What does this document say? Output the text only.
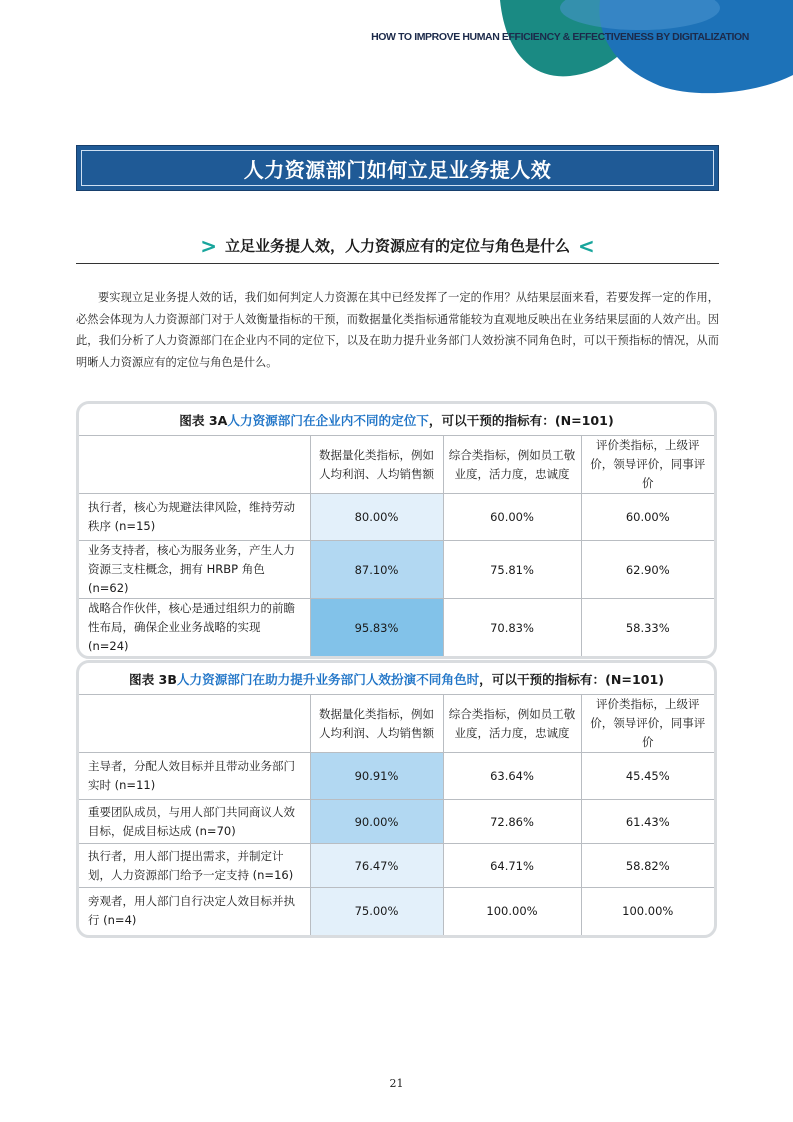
HOW TO IMPROVE HUMAN EFFICIENCY & EFFECTIVENESS BY DIGITALIZATION
人力资源部门如何立足业务提人效
> 立足业务提人效，人力资源应有的定位与角色是什么 <

要实现立足业务提人效的话，我们如何判定人力资源在其中已经发挥了一定的作用？从结果层面来看，若要发挥一定的作用，必然会体现为人力资源部门对于人效衡量指标的干预，而数据量化类指标通常能较为直观地反映出在业务结果层面的人效产出。因此，我们分析了人力资源部门在企业内不同的定位下，以及在助力提升业务部门人效扮演不同角色时，可以干预指标的情况，从而明晰人力资源应有的定位与角色是什么。

图表 3A 人力资源部门在企业内不同的定位下 ，可以干预的指标有：(N=101)
	数据量化类指标，例如人均利润、人均销售额	综合类指标，例如员工敬业度，活力度，忠诚度	评价类指标，上级评价，领导评价，同事评价
执行者，核心为规避法律风险，维持劳动秩序 (n=15)	80.00%	60.00%	60.00%
业务支持者，核心为服务业务，产生人力资源三支柱概念，拥有 HRBP 角色 (n=62)	87.10%	75.81%	62.90%
战略合作伙伴，核心是通过组织力的前瞻性布局，确保企业业务战略的实现 (n=24)	95.83%	70.83%	58.33%
图表 3B 人力资源部门在助力提升业务部门人效扮演不同角色时 ，可以干预的指标有：(N=101)
	数据量化类指标，例如人均利润、人均销售额	综合类指标，例如员工敬业度，活力度，忠诚度	评价类指标，上级评价，领导评价，同事评价
主导者，分配人效目标并且带动业务部门实时 (n=11)	90.91%	63.64%	45.45%
重要团队成员，与用人部门共同商议人效目标，促成目标达成 (n=70)	90.00%	72.86%	61.43%
执行者，用人部门提出需求，并制定计划，人力资源部门给予一定支持 (n=16)	76.47%	64.71%	58.82%
旁观者，用人部门自行决定人效目标并执行 (n=4)	75.00%	100.00%	100.00%
21
